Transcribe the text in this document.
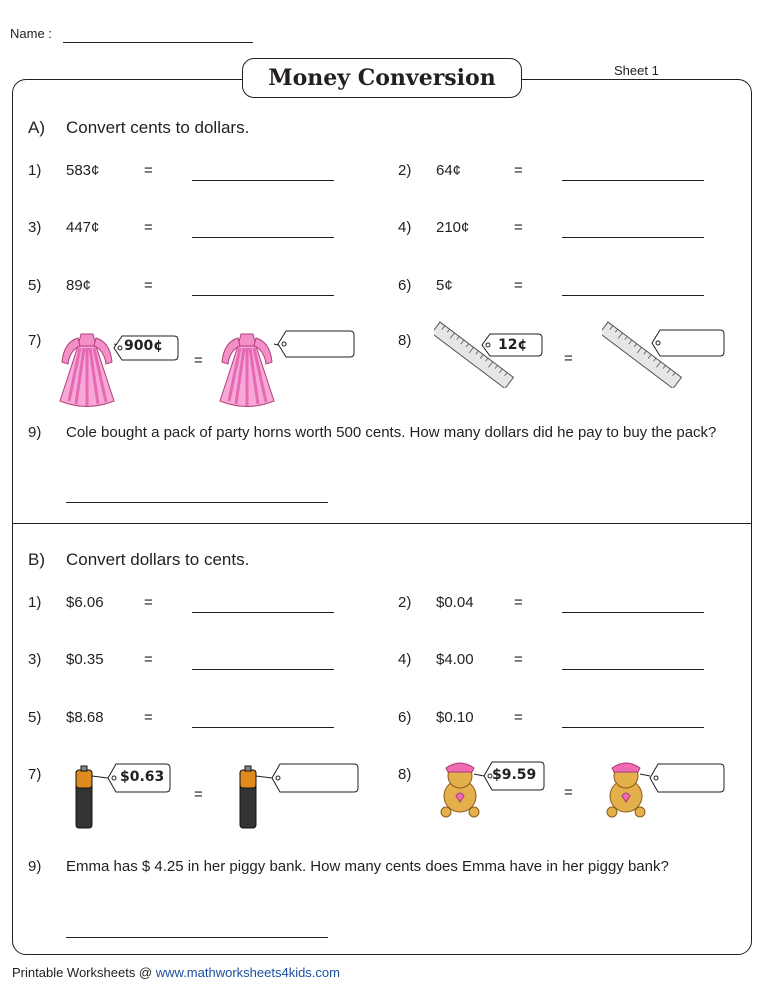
Name :
Sheet 1
Money Conversion
A) Convert cents to dollars.
1) 583¢	=	2) 64¢	=
3) 447¢	=	4) 210¢	=
5) 89¢	=	6) 5¢	=
7)	900¢
=
8)	12¢
=
9) Cole bought a pack of party horns worth 500 cents. How many dollars did he pay to buy the pack?
B) Convert dollars to cents.
1) $6.06	=	2) $0.04	=
3) $0.35	=	4) $4.00	=
5) $8.68	=	6) $0.10	=
7)	$0.63
=
8)	$9.59
=
9) Emma has $ 4.25 in her piggy bank. How many cents does Emma have in her piggy bank?
Printable Worksheets @ www.mathworksheets4kids.com
